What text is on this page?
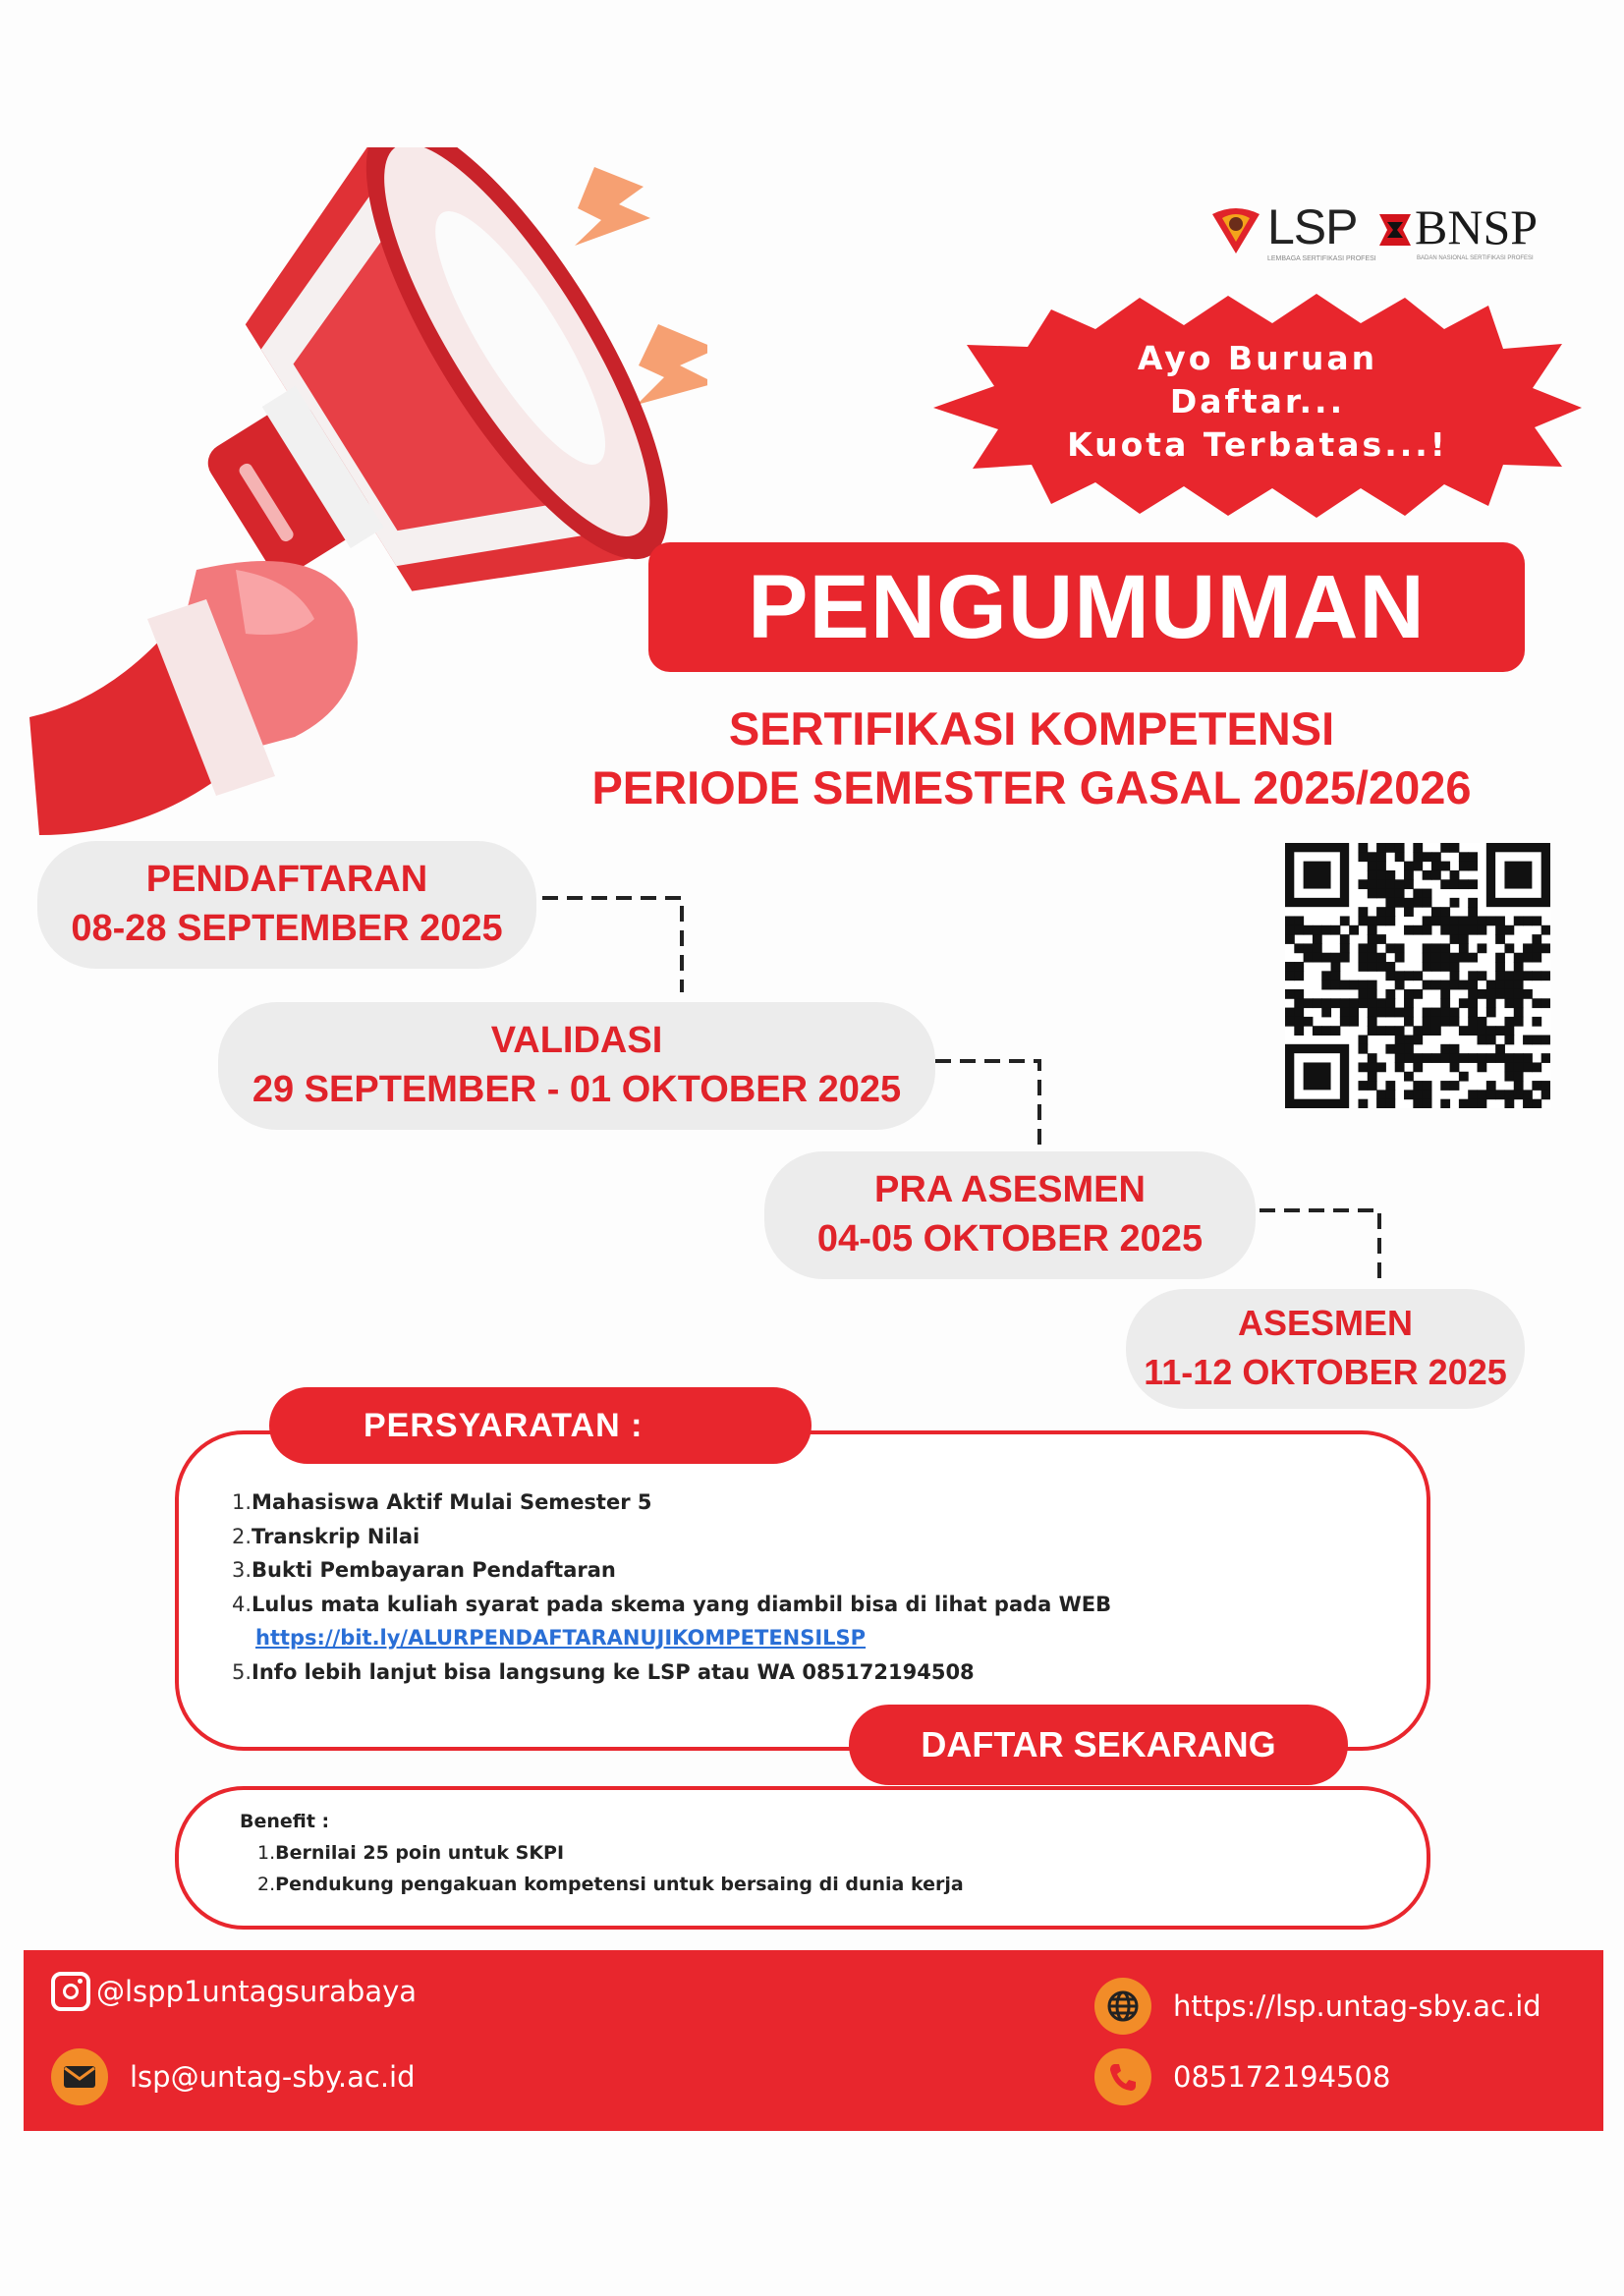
LSP
LEMBAGA SERTIFIKASI PROFESI
BNSP
BADAN NASIONAL SERTIFIKASI PROFESI
Ayo Buruan
Daftar...
Kuota Terbatas...!
PENGUMUMAN
SERTIFIKASI KOMPETENSI
PERIODE SEMESTER GASAL 2025/2026
PENDAFTARAN
08-28 SEPTEMBER 2025
VALIDASI
29 SEPTEMBER - 01 OKTOBER 2025
PRA ASESMEN
04-05 OKTOBER 2025
ASESMEN
11-12 OKTOBER 2025
PERSYARATAN :
1.Mahasiswa Aktif Mulai Semester 5
2.Transkrip Nilai
3.Bukti Pembayaran Pendaftaran
4.Lulus mata kuliah syarat pada skema yang diambil bisa di lihat pada WEB
https://bit.ly/ALURPENDAFTARANUJIKOMPETENSILSP
5.Info lebih lanjut bisa langsung ke LSP atau WA 085172194508
DAFTAR SEKARANG
Benefit :
1.Bernilai 25 poin untuk SKPI
2.Pendukung pengakuan kompetensi untuk bersaing di dunia kerja
@lspp1untagsurabaya
lsp@untag-sby.ac.id
https://lsp.untag-sby.ac.id
085172194508
